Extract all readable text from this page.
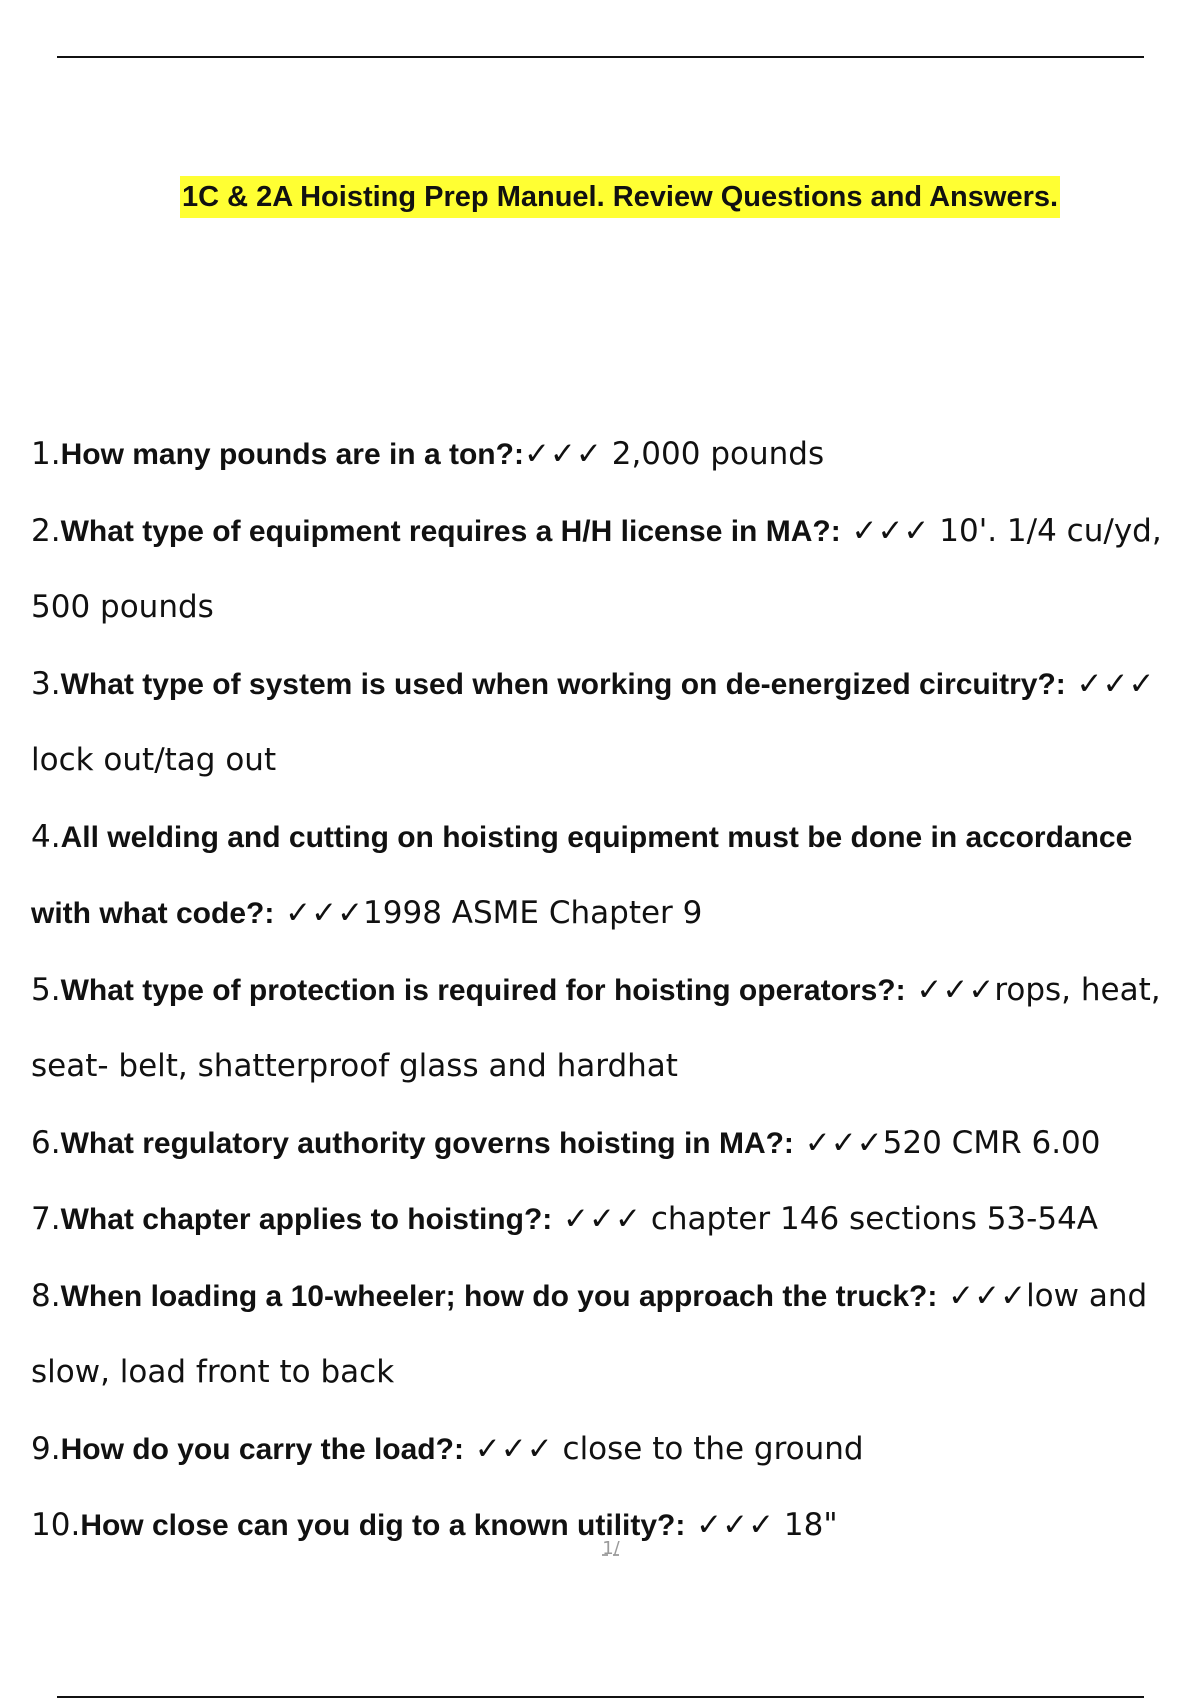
1C & 2A Hoisting Prep Manuel. Review Questions and Answers.
1.How many pounds are in a ton?:✓✓✓ 2,000 pounds
2.What type of equipment requires a H/H license in MA?: ✓✓✓ 10'. 1/4 cu/yd, 500 pounds
3.What type of system is used when working on de-energized circuitry?: ✓✓✓ lock out/tag out
4.All welding and cutting on hoisting equipment must be done in accordance with what code?: ✓✓✓1998 ASME Chapter 9
5.What type of protection is required for hoisting operators?: ✓✓✓rops, heat, seat- belt, shatterproof glass and hardhat
6.What regulatory authority governs hoisting in MA?: ✓✓✓520 CMR 6.00
7.What chapter applies to hoisting?: ✓✓✓ chapter 146 sections 53-54A
8.When loading a 10-wheeler; how do you approach the truck?: ✓✓✓low and slow, load front to back
9.How do you carry the load?: ✓✓✓ close to the ground
10.How close can you dig to a known utility?: ✓✓✓ 18"
1/
